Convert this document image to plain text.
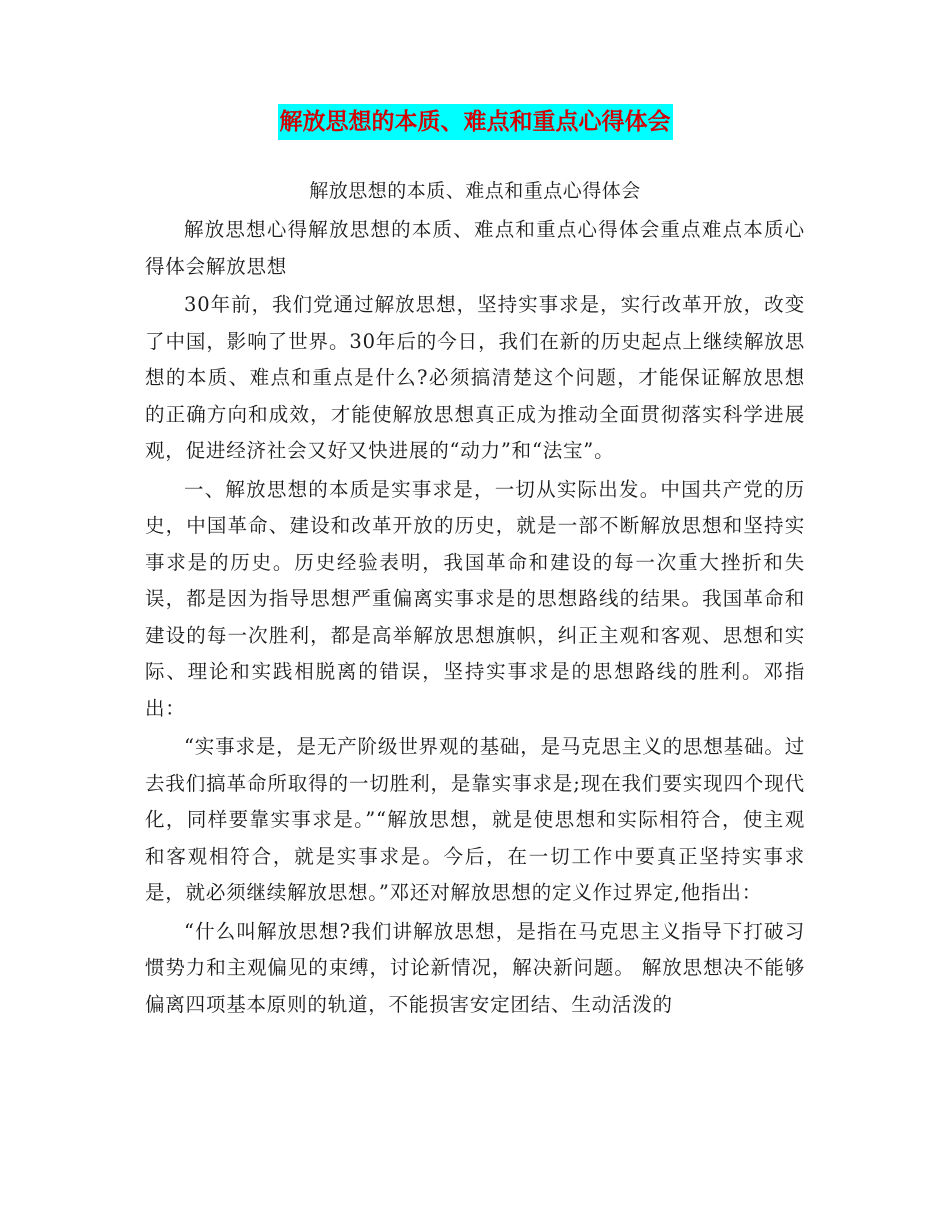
解放思想的本质、难点和重点心得体会
解放思想的本质、难点和重点心得体会
解放思想心得解放思想的本质、难点和重点心得体会重点难点本质心得体会解放思想
30年前，我们党通过解放思想，坚持实事求是，实行改革开放，改变了中国，影响了世界。30年后的今日，我们在新的历史起点上继续解放思想的本质、难点和重点是什么?必须搞清楚这个问题，才能保证解放思想的正确方向和成效，才能使解放思想真正成为推动全面贯彻落实科学进展观，促进经济社会又好又快进展的“动力”和“法宝”。
一、解放思想的本质是实事求是，一切从实际出发。中国共产党的历史，中国革命、建设和改革开放的历史，就是一部不断解放思想和坚持实事求是的历史。历史经验表明，我国革命和建设的每一次重大挫折和失误，都是因为指导思想严重偏离实事求是的思想路线的结果。我国革命和建设的每一次胜利，都是高举解放思想旗帜，纠正主观和客观、思想和实际、理论和实践相脱离的错误，坚持实事求是的思想路线的胜利。邓指出：
“实事求是，是无产阶级世界观的基础，是马克思主义的思想基础。过去我们搞革命所取得的一切胜利，是靠实事求是;现在我们要实现四个现代化，同样要靠实事求是。”“解放思想，就是使思想和实际相符合，使主观和客观相符合，就是实事求是。今后，在一切工作中要真正坚持实事求是，就必须继续解放思想。”邓还对解放思想的定义作过界定,他指出：
“什么叫解放思想?我们讲解放思想，是指在马克思主义指导下打破习惯势力和主观偏见的束缚，讨论新情况，解决新问题。 解放思想决不能够偏离四项基本原则的轨道，不能损害安定团结、生动活泼的
